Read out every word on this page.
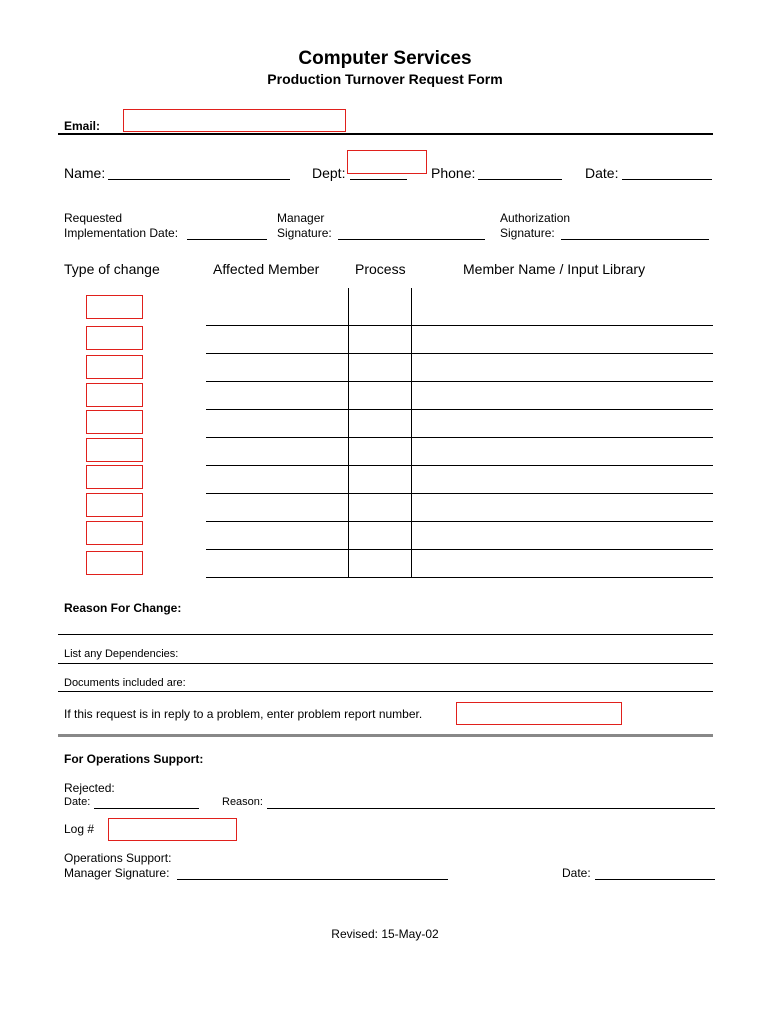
Computer Services
Production Turnover Request Form
Email:
Name:	Dept:	Phone:	Date:
Requested
Implementation Date:
Manager
Signature:
Authorization
Signature:
Type of change	Affected Member	Process	Member Name / Input Library
Reason For Change:
List any Dependencies:
Documents included are:
If this request is in reply to a problem, enter problem report number.
For Operations Support:
Rejected:
Date:	Reason:
Log #
Operations Support:
Manager Signature:	Date:
Revised: 15-May-02
